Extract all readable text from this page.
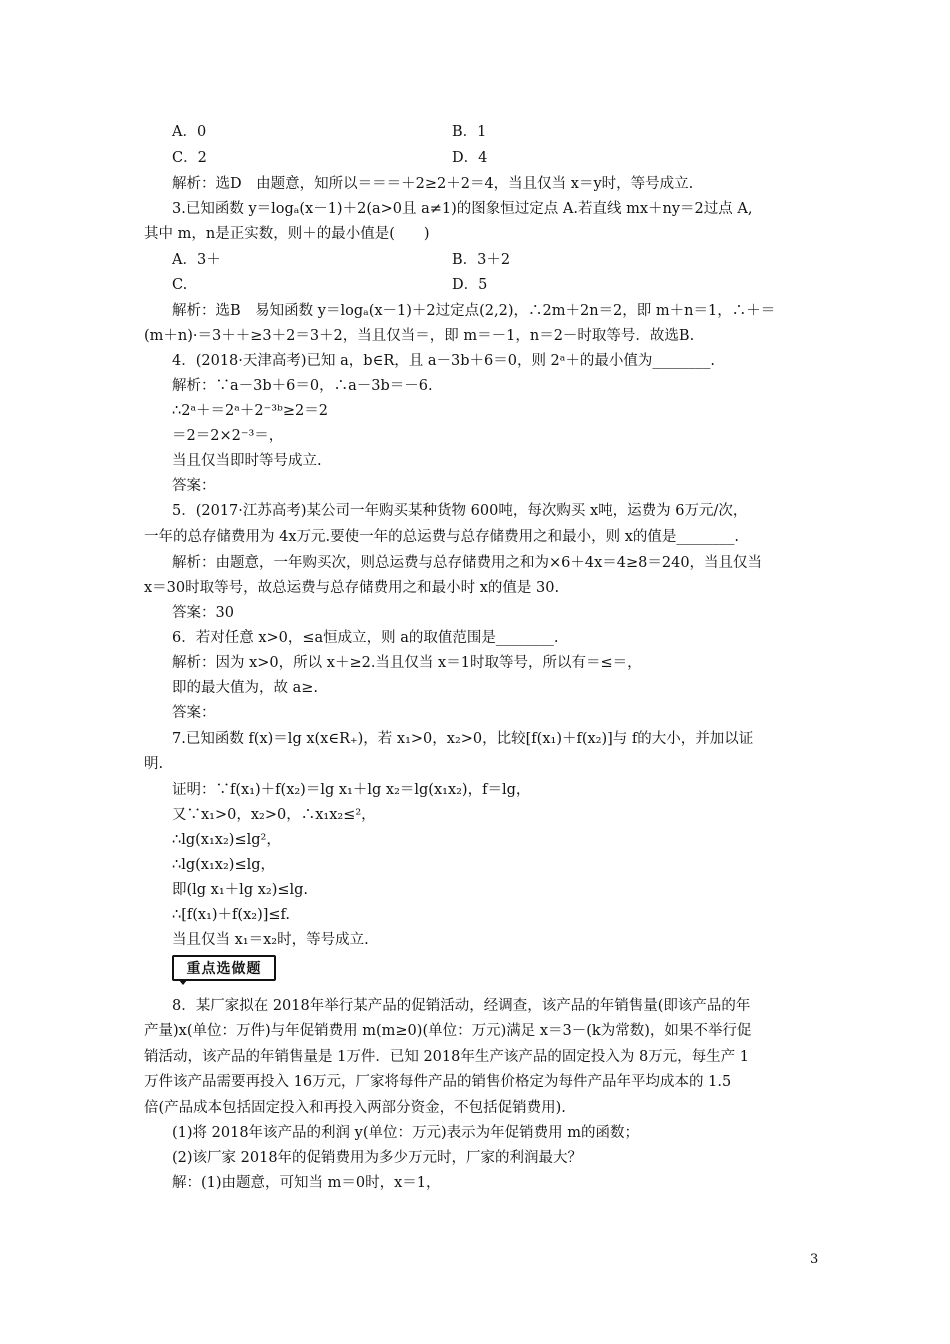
A．0	B．1
C．2	D．4
解析：选D　由题意，知所以＝＝＝＋2≥2＋2＝4，当且仅当 x＝y时，等号成立.
3.已知函数 y＝logₐ(x－1)＋2(a>0且 a≠1)的图象恒过定点 A.若直线 mx＋ny＝2过点 A,
其中 m，n是正实数，则＋的最小值是(　　)
A．3＋	B．3＋2
C.	D．5
解析：选B　易知函数 y＝logₐ(x－1)＋2过定点(2,2)，∴2m＋2n＝2，即 m＋n＝1，∴＋＝
(m＋n)·＝3＋＋≥3＋2＝3＋2，当且仅当＝，即 m＝－1，n＝2－时取等号．故选B.
4．(2018·天津高考)已知 a，b∈R，且 a－3b＋6＝0，则 2ᵃ＋的最小值为________.
解析：∵a－3b＋6＝0，∴a－3b＝－6.
∴2ᵃ＋＝2ᵃ＋2⁻³ᵇ≥2＝2
＝2＝2×2⁻³＝，
当且仅当即时等号成立.
答案：
5．(2017·江苏高考)某公司一年购买某种货物 600吨，每次购买 x吨，运费为 6万元/次，
一年的总存储费用为 4x万元.要使一年的总运费与总存储费用之和最小，则 x的值是________.
解析：由题意，一年购买次，则总运费与总存储费用之和为×6＋4x＝4≥8＝240，当且仅当
x＝30时取等号，故总运费与总存储费用之和最小时 x的值是 30.
答案：30
6．若对任意 x>0，≤a恒成立，则 a的取值范围是________.
解析：因为 x>0，所以 x＋≥2.当且仅当 x＝1时取等号，所以有＝≤＝，
即的最大值为，故 a≥.
答案：
7.已知函数 f(x)＝lg x(x∈R₊)，若 x₁>0，x₂>0，比较[f(x₁)＋f(x₂)]与 f的大小，并加以证
明.
证明：∵f(x₁)＋f(x₂)＝lg x₁＋lg x₂＝lg(x₁x₂)，f＝lg，
又∵x₁>0，x₂>0，∴x₁x₂≤²，
∴lg(x₁x₂)≤lg²，
∴lg(x₁x₂)≤lg，
即(lg x₁＋lg x₂)≤lg.
∴[f(x₁)＋f(x₂)]≤f.
当且仅当 x₁＝x₂时，等号成立.
重点选做题
8．某厂家拟在 2018年举行某产品的促销活动，经调查，该产品的年销售量(即该产品的年
产量)x(单位：万件)与年促销费用 m(m≥0)(单位：万元)满足 x＝3－(k为常数)，如果不举行促
销活动，该产品的年销售量是 1万件．已知 2018年生产该产品的固定投入为 8万元，每生产 1
万件该产品需要再投入 16万元，厂家将每件产品的销售价格定为每件产品年平均成本的 1.5
倍(产品成本包括固定投入和再投入两部分资金，不包括促销费用).
(1)将 2018年该产品的利润 y(单位：万元)表示为年促销费用 m的函数；
(2)该厂家 2018年的促销费用为多少万元时，厂家的利润最大？
解：(1)由题意，可知当 m＝0时，x＝1，
3
